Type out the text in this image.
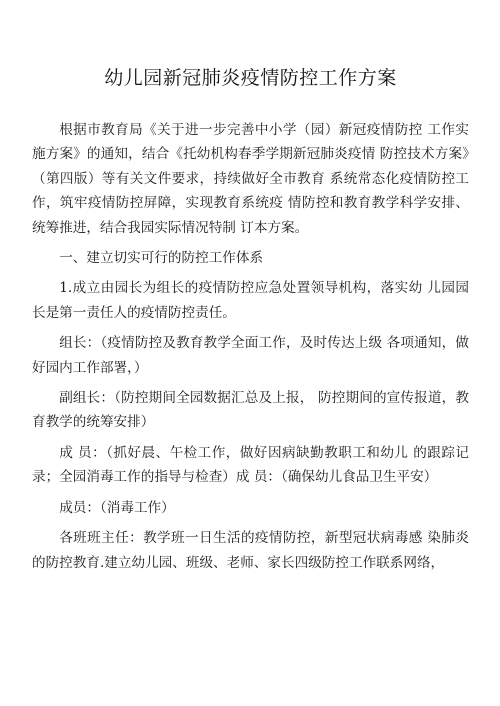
幼儿园新冠肺炎疫情防控工作方案

根据市教育局《关于进一步完善中小学（园）新冠疫情防控 工作实施方案》的通知，结合《托幼机构春季学期新冠肺炎疫情 防控技术方案》（第四版）等有关文件要求，持续做好全市教育 系统常态化疫情防控工作，筑牢疫情防控屏障，实现教育系统疫 情防控和教育教学科学安排、统筹推进，结合我园实际情况特制 订本方案。

一、建立切实可行的防控工作体系

1.成立由园长为组长的疫情防控应急处置领导机构，落实幼 儿园园长是第一责任人的疫情防控责任。

组长：（疫情防控及教育教学全面工作，及时传达上级 各项通知，做好园内工作部署，）

副组长：（防控期间全园数据汇总及上报， 防控期间的宣传报道，教育教学的统筹安排）

成 员：（抓好晨、午检工作，做好因病缺勤教职工和幼儿 的跟踪记录；全园消毒工作的指导与检查）成 员：（确保幼儿食品卫生平安）

成员：（消毒工作）

各班班主任：教学班一日生活的疫情防控，新型冠状病毒感 染肺炎的防控教育.建立幼儿园、班级、老师、家长四级防控工作联系网络，
